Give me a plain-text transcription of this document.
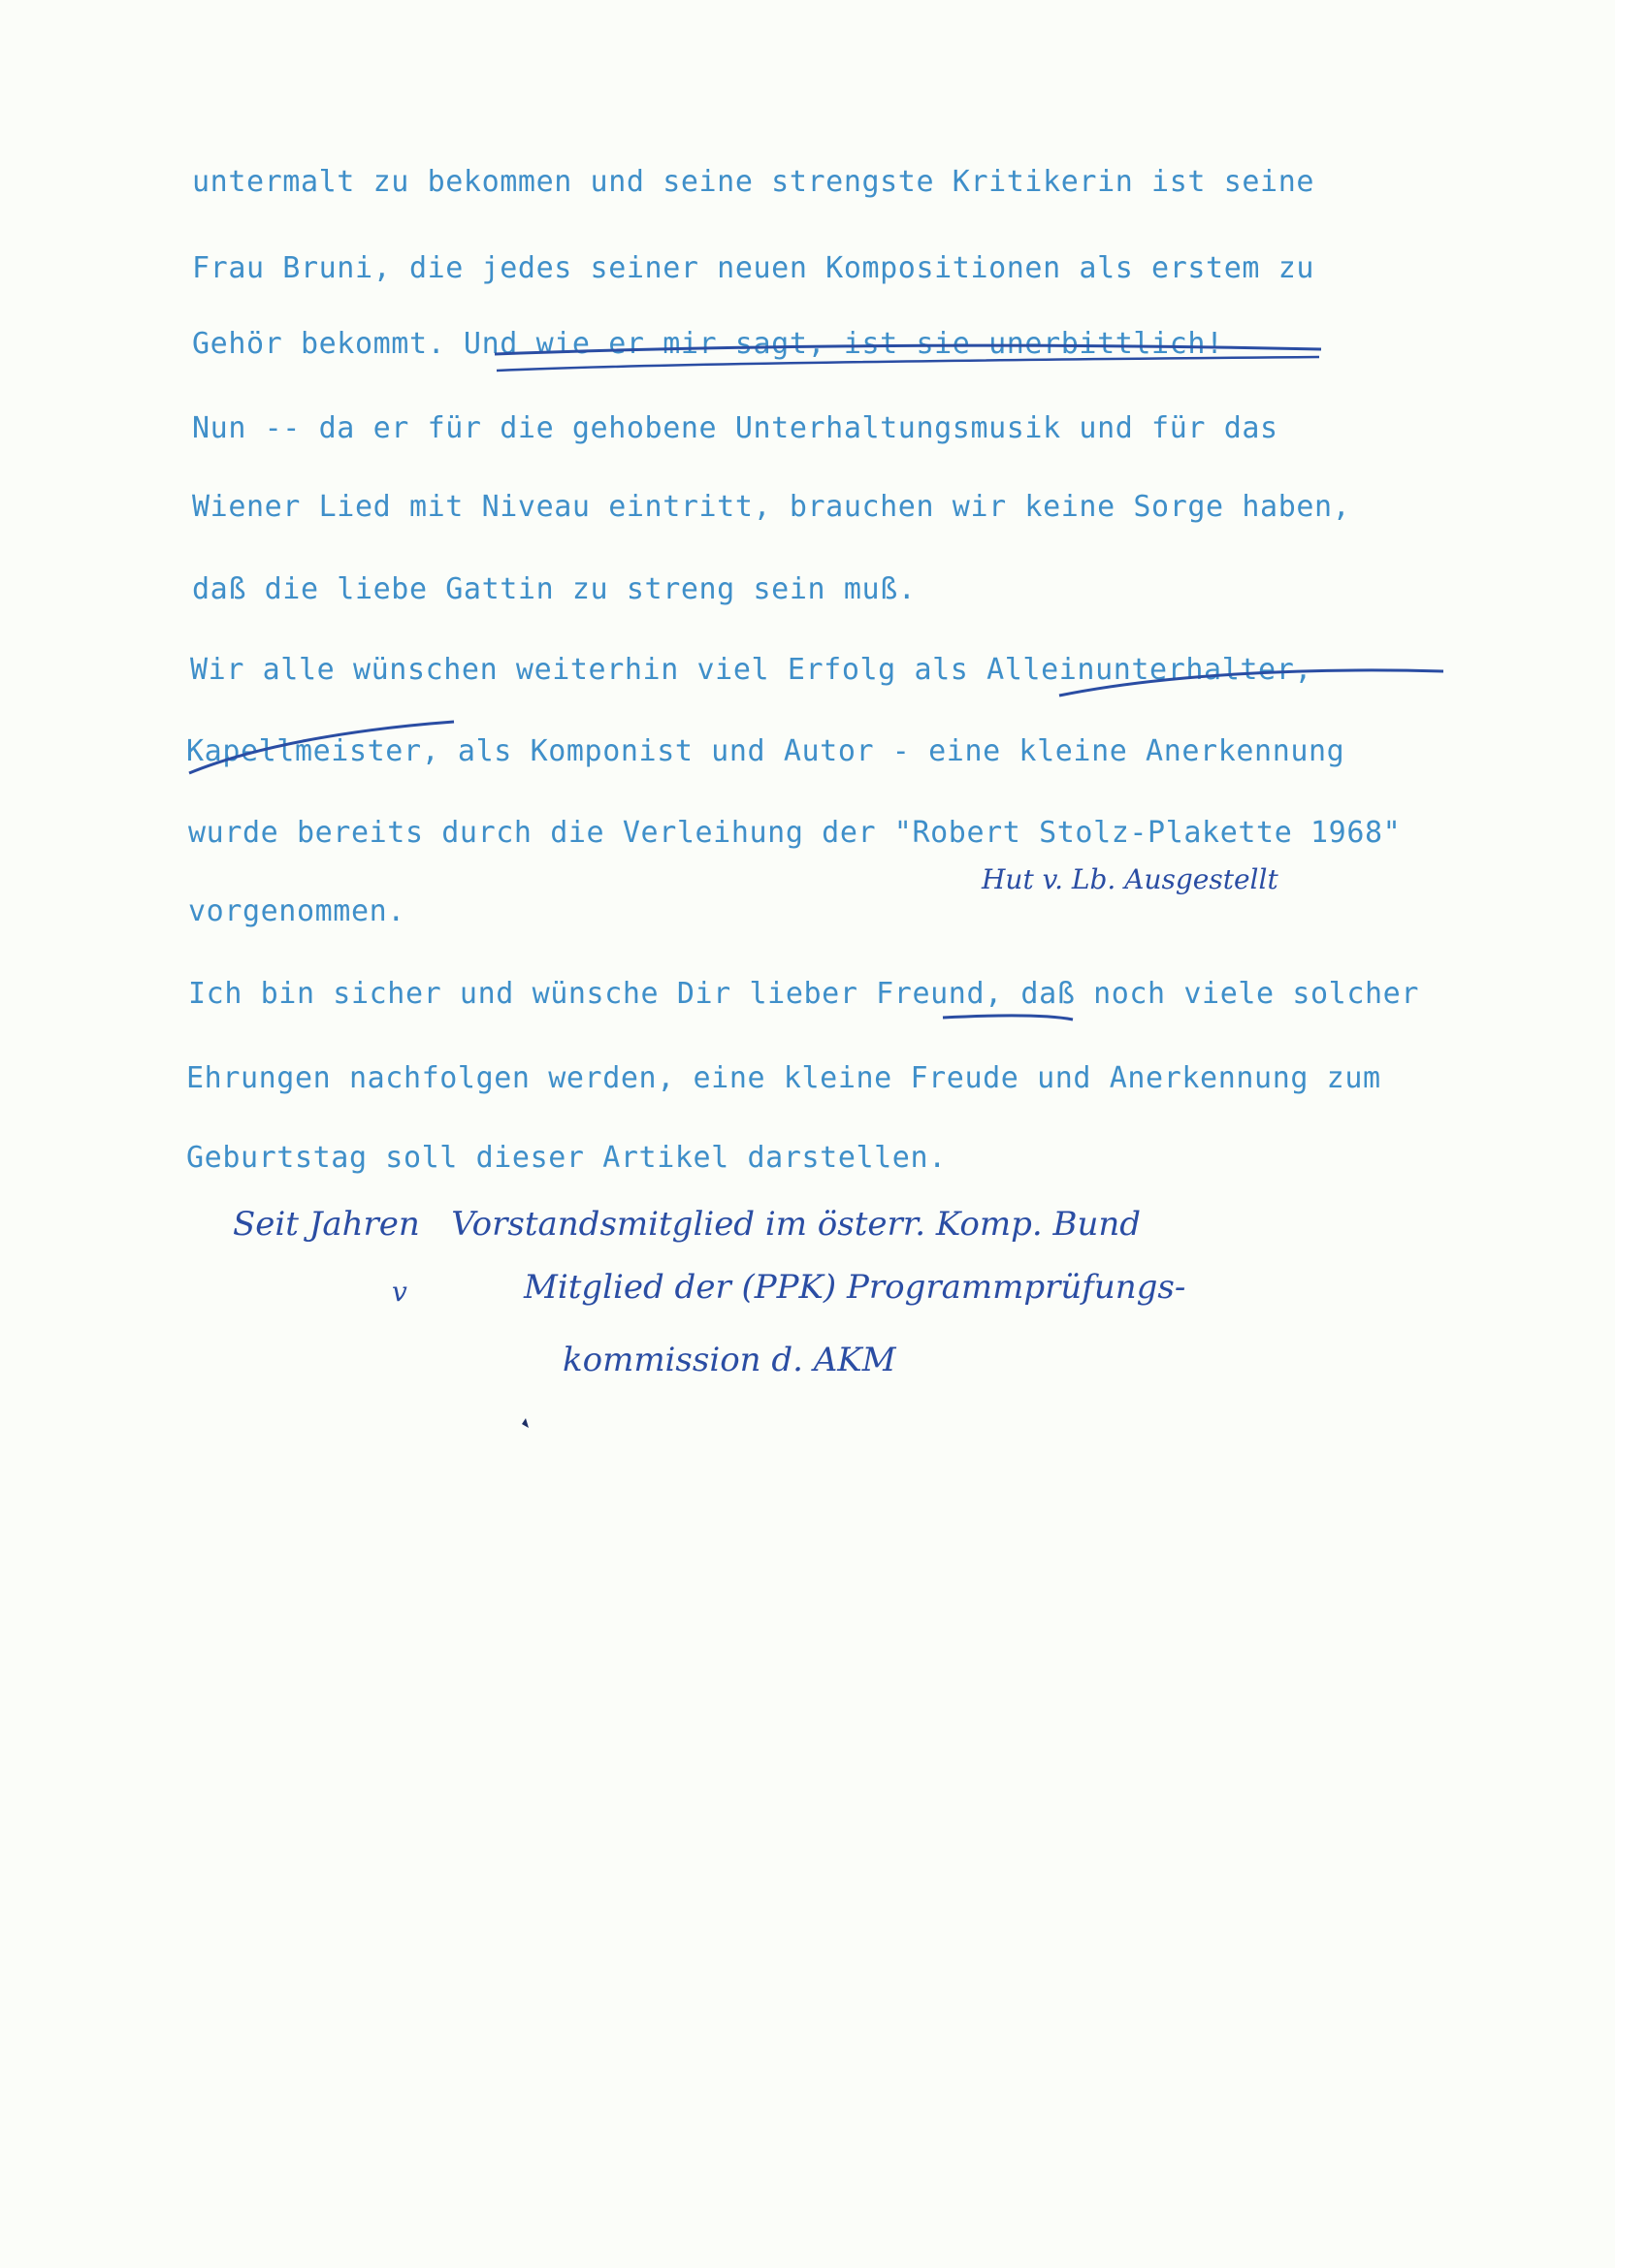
untermalt zu bekommen und seine strengste Kritikerin ist seine
Frau Bruni, die jedes seiner neuen Kompositionen als erstem zu
Gehör bekommt. Und wie er mir sagt, ist sie unerbittlich!
Nun -- da er für die gehobene Unterhaltungsmusik und für das
Wiener Lied mit Niveau eintritt, brauchen wir keine Sorge haben,
daß die liebe Gattin zu streng sein muß.
Wir alle wünschen weiterhin viel Erfolg als Alleinunterhalter,
Kapellmeister, als Komponist und Autor - eine kleine Anerkennung
wurde bereits durch die Verleihung der "Robert Stolz-Plakette 1968"
vorgenommen.
Ich bin sicher und wünsche Dir lieber Freund, daß noch viele solcher
Ehrungen nachfolgen werden, eine kleine Freude und Anerkennung zum
Geburtstag soll dieser Artikel darstellen.
Hut v. Lb. Ausgestellt
Seit Jahren   Vorstandsmitglied im österr. Komp. Bund
v	Mitglied der (PPK) Programmprüfungs-
kommission d. AKM
